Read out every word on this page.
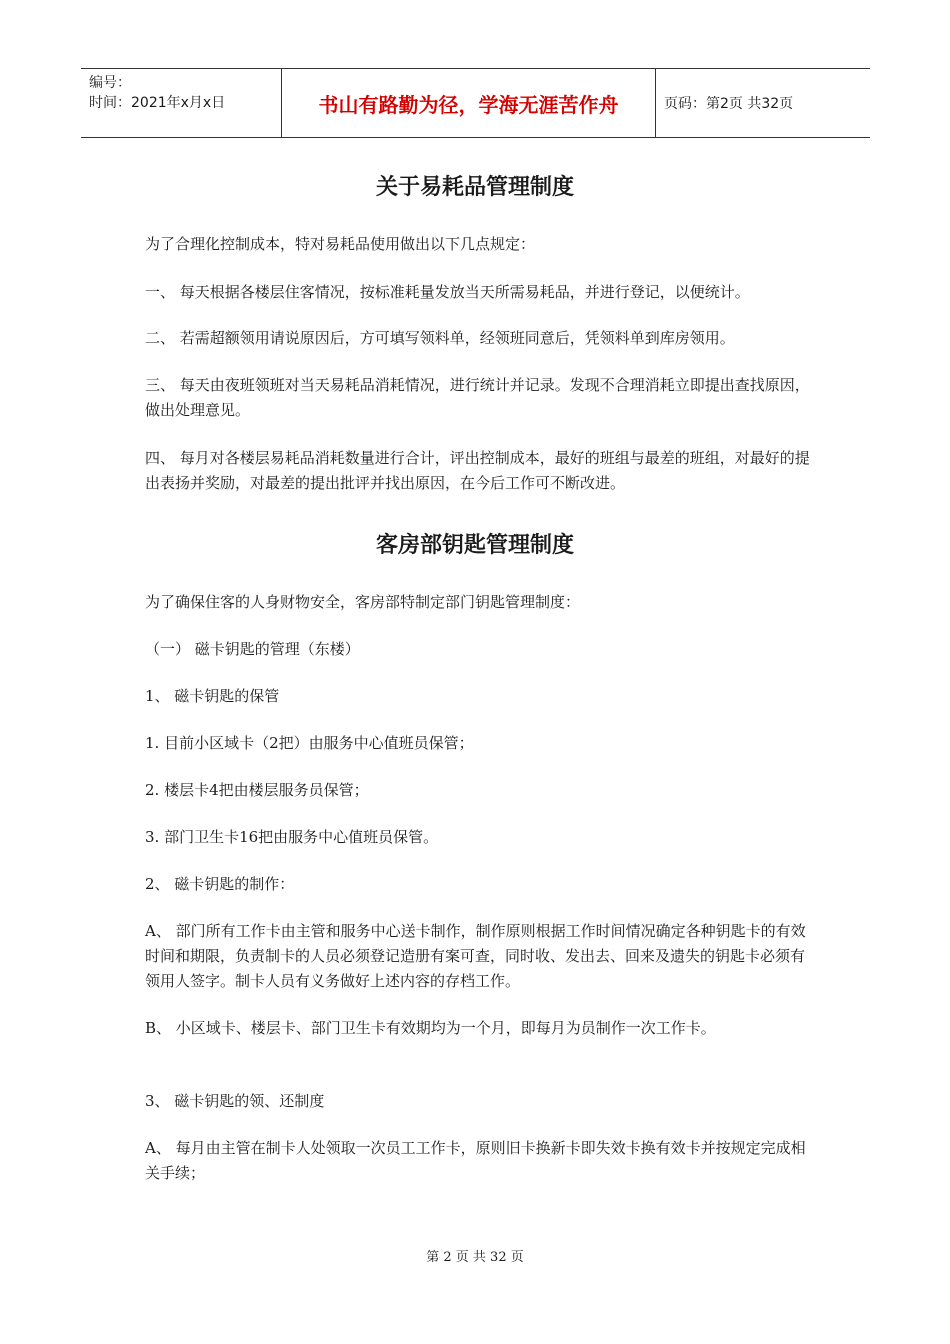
编号：
时间：2021年x月x日	书山有路勤为径，学海无涯苦作舟	页码：第2页 共32页
关于易耗品管理制度
为了合理化控制成本，特对易耗品使用做出以下几点规定：
一、 每天根据各楼层住客情况，按标准耗量发放当天所需易耗品，并进行登记，以便统计。
二、 若需超额领用请说原因后，方可填写领料单，经领班同意后，凭领料单到库房领用。
三、 每天由夜班领班对当天易耗品消耗情况，进行统计并记录。发现不合理消耗立即提出查找原因，做出处理意见。
四、 每月对各楼层易耗品消耗数量进行合计，评出控制成本，最好的班组与最差的班组，对最好的提出表扬并奖励，对最差的提出批评并找出原因，在今后工作可不断改进。
客房部钥匙管理制度
为了确保住客的人身财物安全，客房部特制定部门钥匙管理制度：
（一） 磁卡钥匙的管理（东楼）
1、 磁卡钥匙的保管
1. 目前小区域卡（2把）由服务中心值班员保管；
2. 楼层卡4把由楼层服务员保管；
3. 部门卫生卡16把由服务中心值班员保管。
2、 磁卡钥匙的制作：
A、 部门所有工作卡由主管和服务中心送卡制作，制作原则根据工作时间情况确定各种钥匙卡的有效时间和期限，负责制卡的人员必须登记造册有案可查，同时收、发出去、回来及遗失的钥匙卡必须有领用人签字。制卡人员有义务做好上述内容的存档工作。
B、 小区域卡、楼层卡、部门卫生卡有效期均为一个月，即每月为员制作一次工作卡。
3、 磁卡钥匙的领、还制度
A、 每月由主管在制卡人处领取一次员工工作卡，原则旧卡换新卡即失效卡换有效卡并按规定完成相关手续；
第 2 页 共 32 页
